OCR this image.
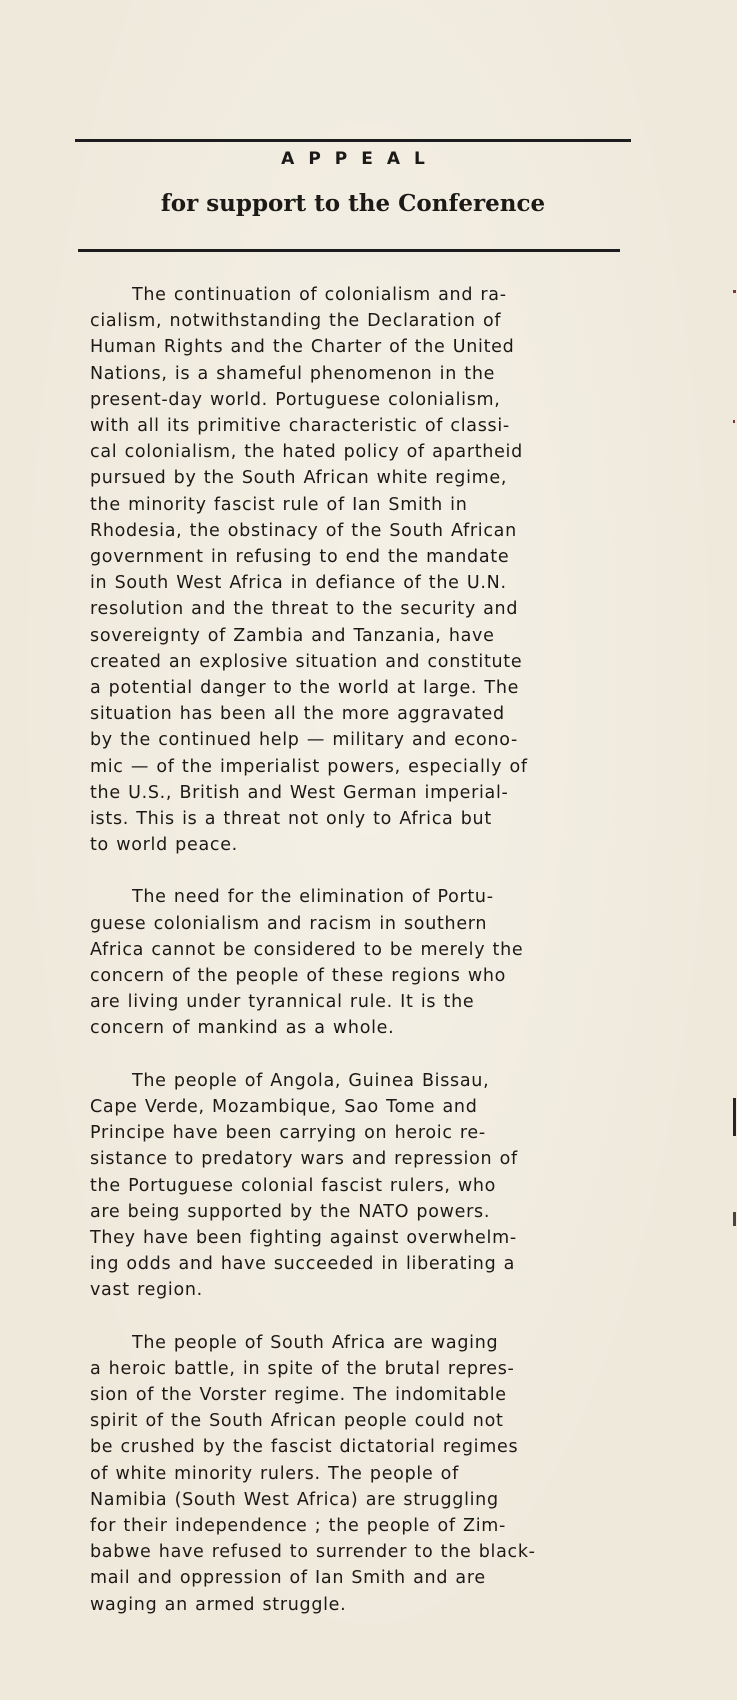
APPEAL
for support to the Conference

The continuation of colonialism and ra-
cialism, notwithstanding the Declaration of
Human Rights and the Charter of the United
Nations, is a shameful phenomenon in the
present-day world. Portuguese colonialism,
with all its primitive characteristic of classi-
cal colonialism, the hated policy of apartheid
pursued by the South African white regime,
the minority fascist rule of Ian Smith in
Rhodesia, the obstinacy of the South African
government in refusing to end the mandate
in South West Africa in defiance of the U.N.
resolution and the threat to the security and
sovereignty of Zambia and Tanzania, have
created an explosive situation and constitute
a potential danger to the world at large. The
situation has been all the more aggravated
by the continued help — military and econo-
mic — of the imperialist powers, especially of
the U.S., British and West German imperial-
ists. This is a threat not only to Africa but
to world peace.

The need for the elimination of Portu-
guese colonialism and racism in southern
Africa cannot be considered to be merely the
concern of the people of these regions who
are living under tyrannical rule. It is the
concern of mankind as a whole.

The people of Angola, Guinea Bissau,
Cape Verde, Mozambique, Sao Tome and
Principe have been carrying on heroic re-
sistance to predatory wars and repression of
the Portuguese colonial fascist rulers, who
are being supported by the NATO powers.
They have been fighting against overwhelm-
ing odds and have succeeded in liberating a
vast region.

The people of South Africa are waging
a heroic battle, in spite of the brutal repres-
sion of the Vorster regime. The indomitable
spirit of the South African people could not
be crushed by the fascist dictatorial regimes
of white minority rulers. The people of
Namibia (South West Africa) are struggling
for their independence ; the people of Zim-
babwe have refused to surrender to the black-
mail and oppression of Ian Smith and are
waging an armed struggle.
